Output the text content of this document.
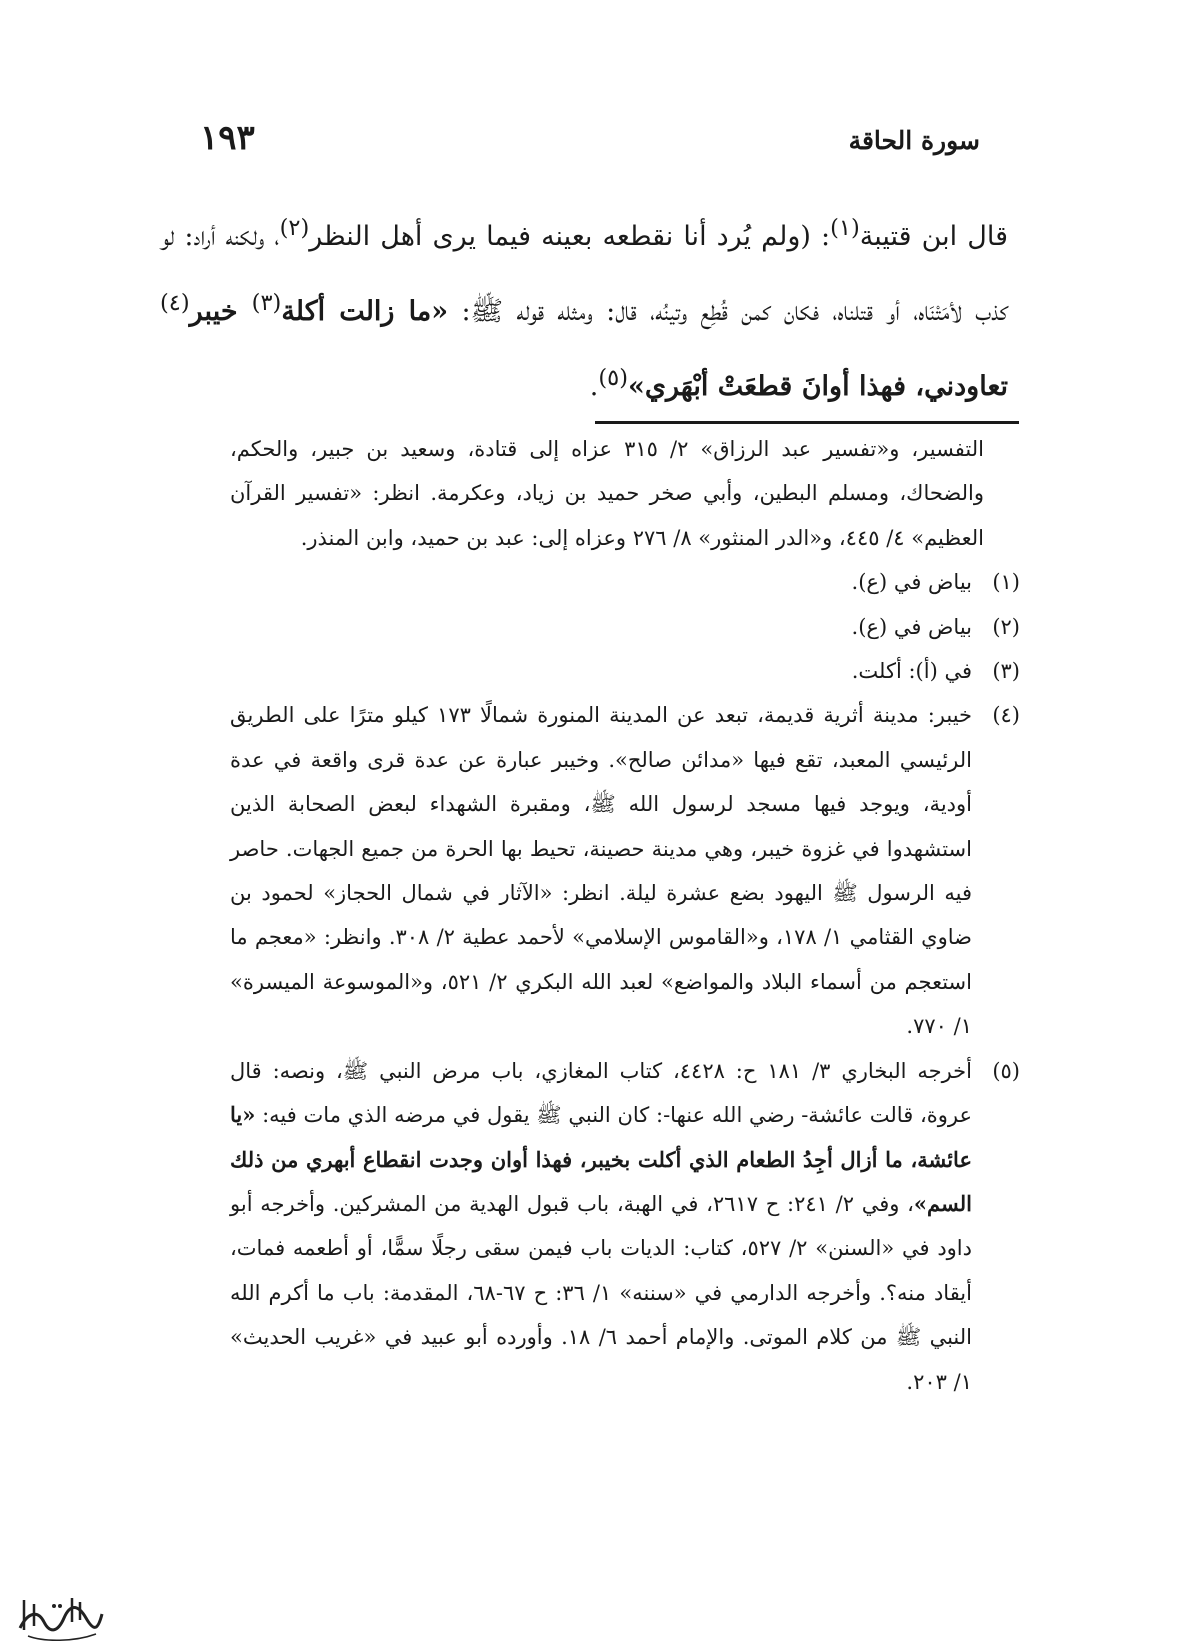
سورة الحاقة
١٩٣

قال ابن قتيبة$^{(١)}$: (ولم يُرد أنا نقطعه بعينه فيما يرى أهل النظر$^{(٢)}$، ولكنه أراد: لو كذب لأمَتْنَاه، أو قتلناه، فكان كمن قُطِع وتينُه، قال: ومثله قوله ﷺ: «ما زالت أكلة$^{(٣)}$ خيبر$^{(٤)}$ تعاودني، فهذا أوانَ قطعَتْ أبْهَري»$^{(٥)}$.

التفسير، و«تفسير عبد الرزاق» ٢/ ٣١٥ عزاه إلى قتادة، وسعيد بن جبير، والحكم، والضحاك، ومسلم البطين، وأبي صخر حميد بن زياد، وعكرمة. انظر: «تفسير القرآن العظيم» ٤/ ٤٤٥، و«الدر المنثور» ٨/ ٢٧٦ وعزاه إلى: عبد بن حميد، وابن المنذر.
(١)
بياض في (ع).
(٢)
بياض في (ع).
(٣)
في (أ): أكلت.
(٤)
خيبر: مدينة أثرية قديمة، تبعد عن المدينة المنورة شمالًا ١٧٣ كيلو مترًا على الطريق الرئيسي المعبد، تقع فيها «مدائن صالح». وخيبر عبارة عن عدة قرى واقعة في عدة أودية، ويوجد فيها مسجد لرسول الله ﷺ، ومقبرة الشهداء لبعض الصحابة الذين استشهدوا في غزوة خيبر، وهي مدينة حصينة، تحيط بها الحرة من جميع الجهات. حاصر فيه الرسول ﷺ اليهود بضع عشرة ليلة. انظر: «الآثار في شمال الحجاز» لحمود بن ضاوي القثامي ١/ ١٧٨، و«القاموس الإسلامي» لأحمد عطية ٢/ ٣٠٨. وانظر: «معجم ما استعجم من أسماء البلاد والمواضع» لعبد الله البكري ٢/ ٥٢١، و«الموسوعة الميسرة» ١/ ٧٧٠.
(٥)
أخرجه البخاري ٣/ ١٨١ ح: ٤٤٢٨، كتاب المغازي، باب مرض النبي ﷺ، ونصه: قال عروة، قالت عائشة- رضي الله عنها-: كان النبي ﷺ يقول في مرضه الذي مات فيه: «يا عائشة، ما أزال أجِدُ الطعام الذي أكلت بخيبر، فهذا أوان وجدت انقطاع أبهري من ذلك السم»، وفي ٢/ ٢٤١: ح ٢٦١٧، في الهبة، باب قبول الهدية من المشركين. وأخرجه أبو داود في «السنن» ٢/ ٥٢٧، كتاب: الديات باب فيمن سقى رجلًا سمًّا، أو أطعمه فمات، أيقاد منه؟. وأخرجه الدارمي في «سننه» ١/ ٣٦: ح ٦٧-٦٨، المقدمة: باب ما أكرم الله النبي ﷺ من كلام الموتى. والإمام أحمد ٦/ ١٨. وأورده أبو عبيد في «غريب الحديث» ١/ ٢٠٣.
